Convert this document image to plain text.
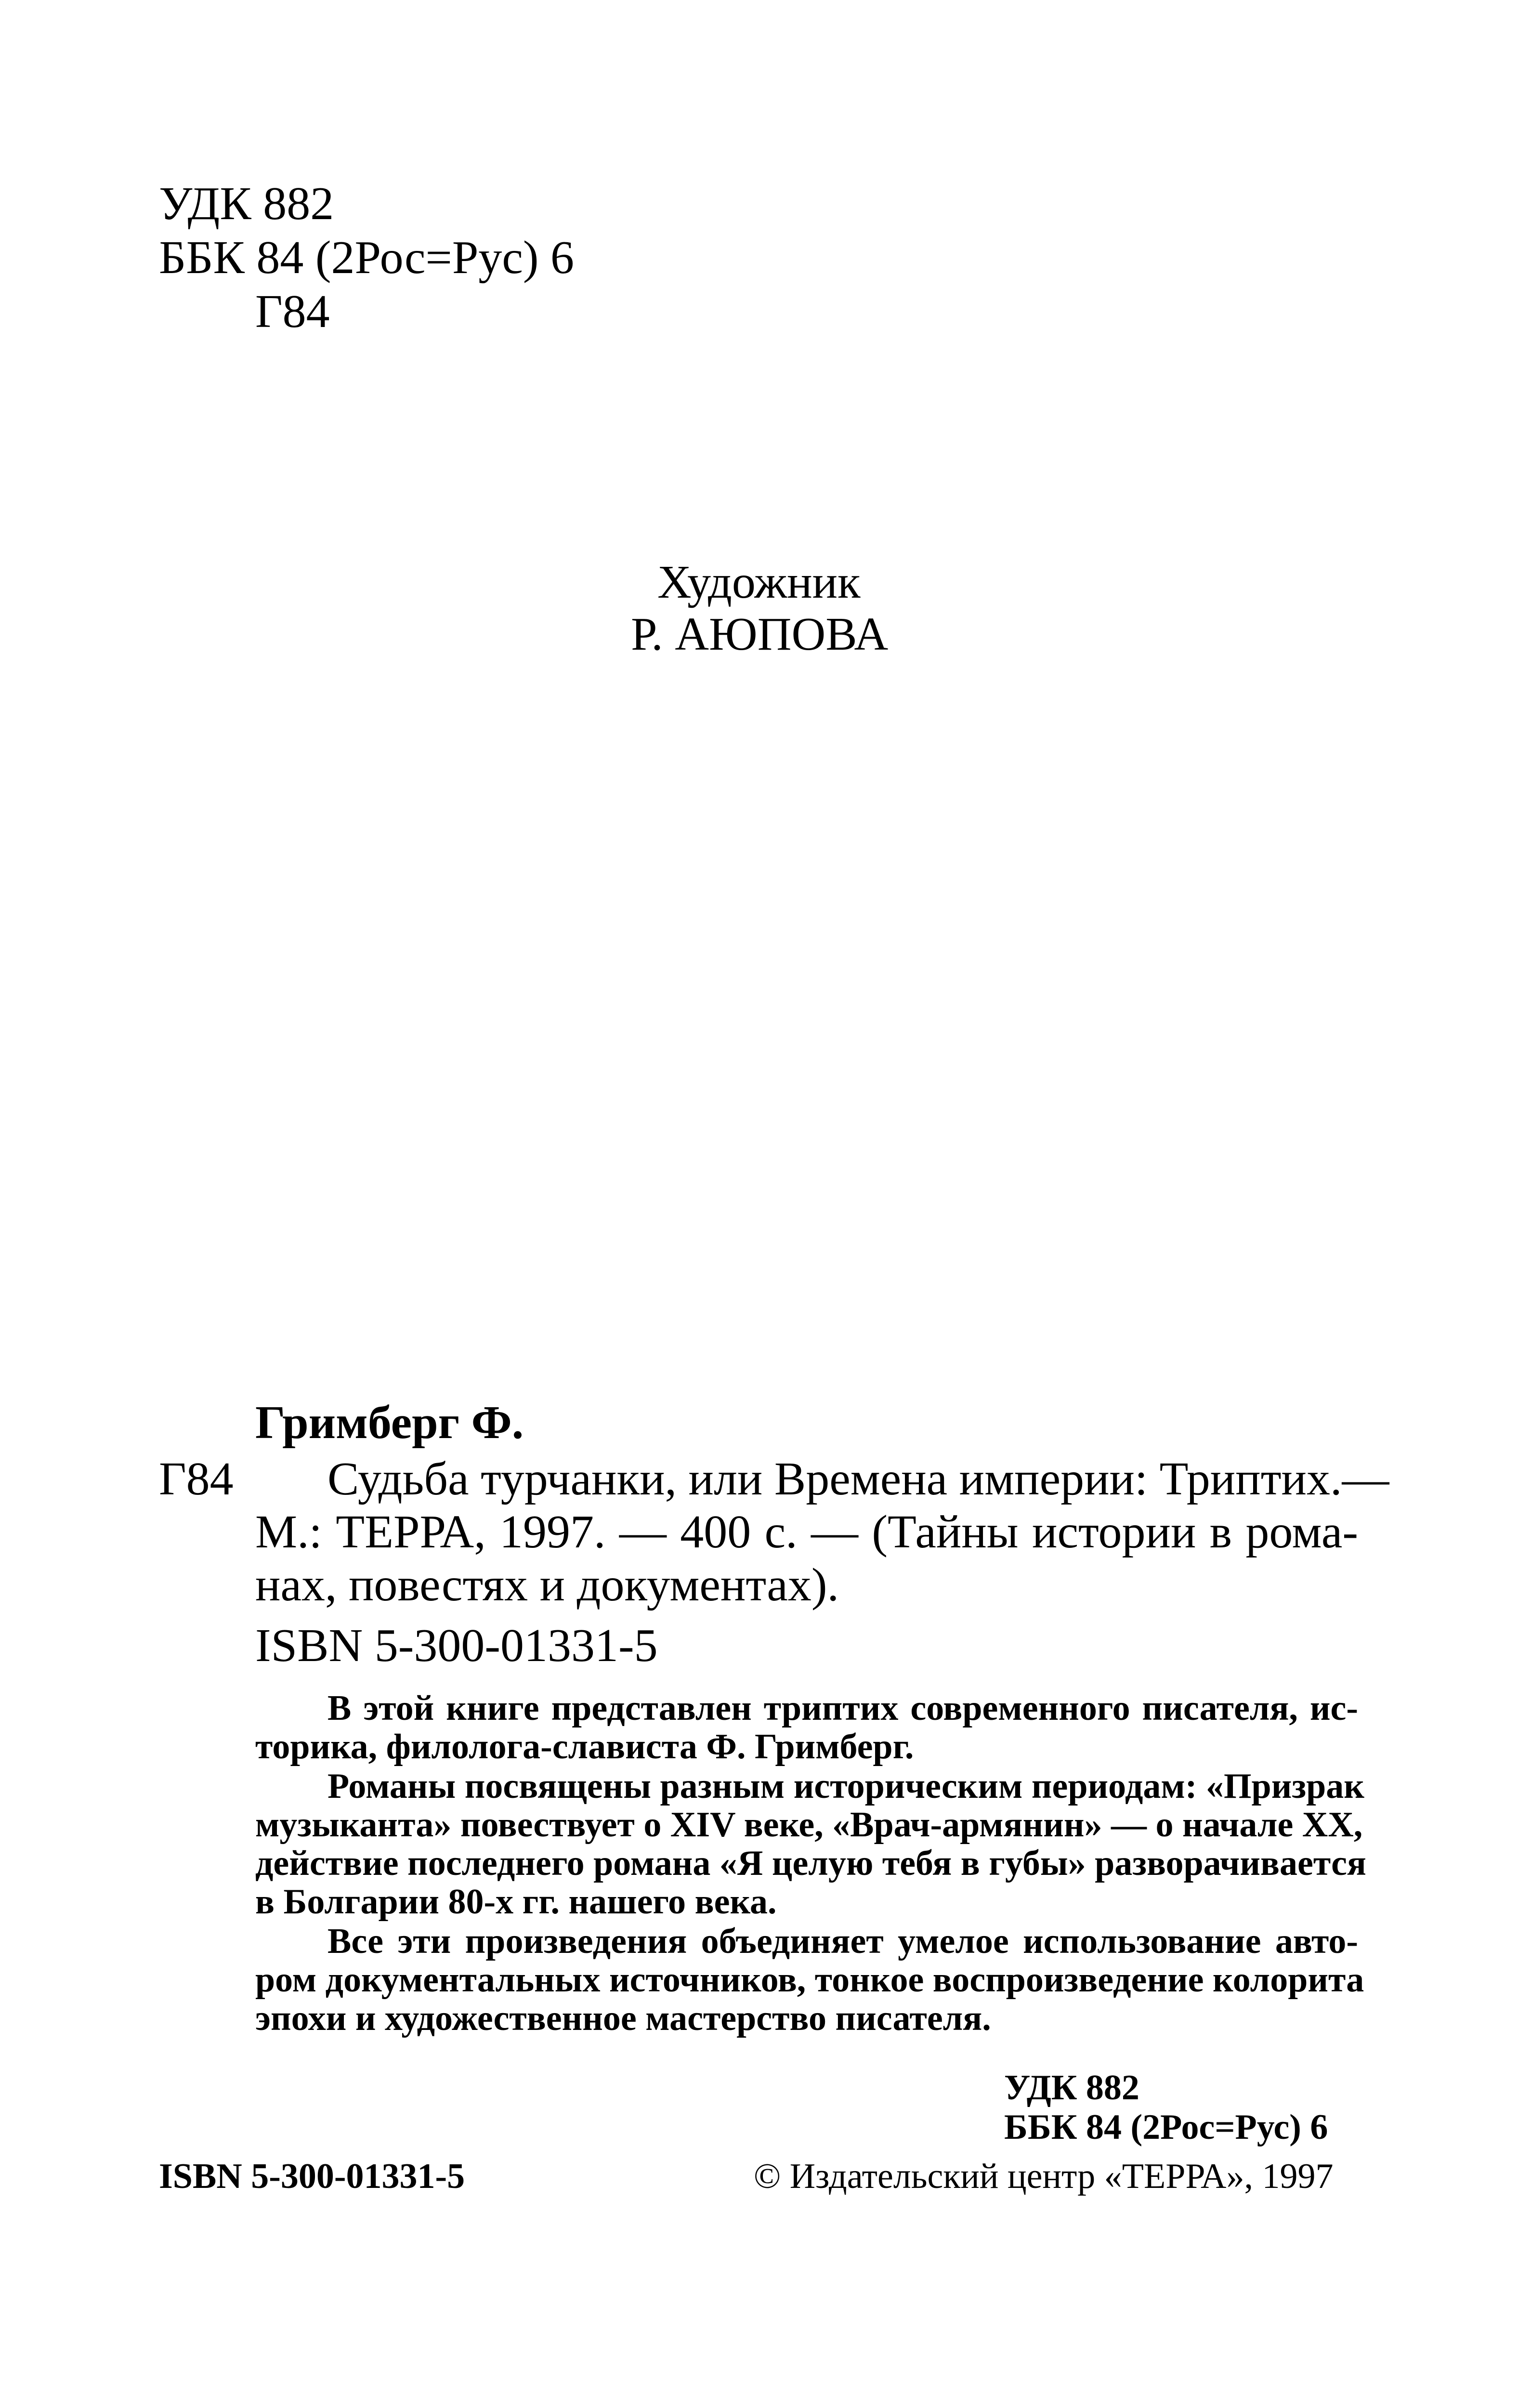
УДК 882
ББК 84 (2Рос=Рус) 6
Г84
Художник
Р. АЮПОВА
Гримберг Ф.
Г84 Судьба турчанки, или Времена империи: Триптих.—
М.: ТЕРРА, 1997. — 400 с. — (Тайны истории в рома-
нах, повестях и документах).
ISBN 5-300-01331-5
В этой книге представлен триптих современного писателя, ис-
торика, филолога-слависта Ф. Гримберг.
Романы посвящены разным историческим периодам: «Призрак
музыканта» повествует о XIV веке, «Врач-армянин» — о начале XX,
действие последнего романа «Я целую тебя в губы» разворачивается
в Болгарии 80-х гг. нашего века.
Все эти произведения объединяет умелое использование авто-
ром документальных источников, тонкое воспроизведение колорита
эпохи и художественное мастерство писателя.
УДК 882
ББК 84 (2Рос=Рус) 6
ISBN 5-300-01331-5	© Издательский центр «ТЕРРА», 1997
